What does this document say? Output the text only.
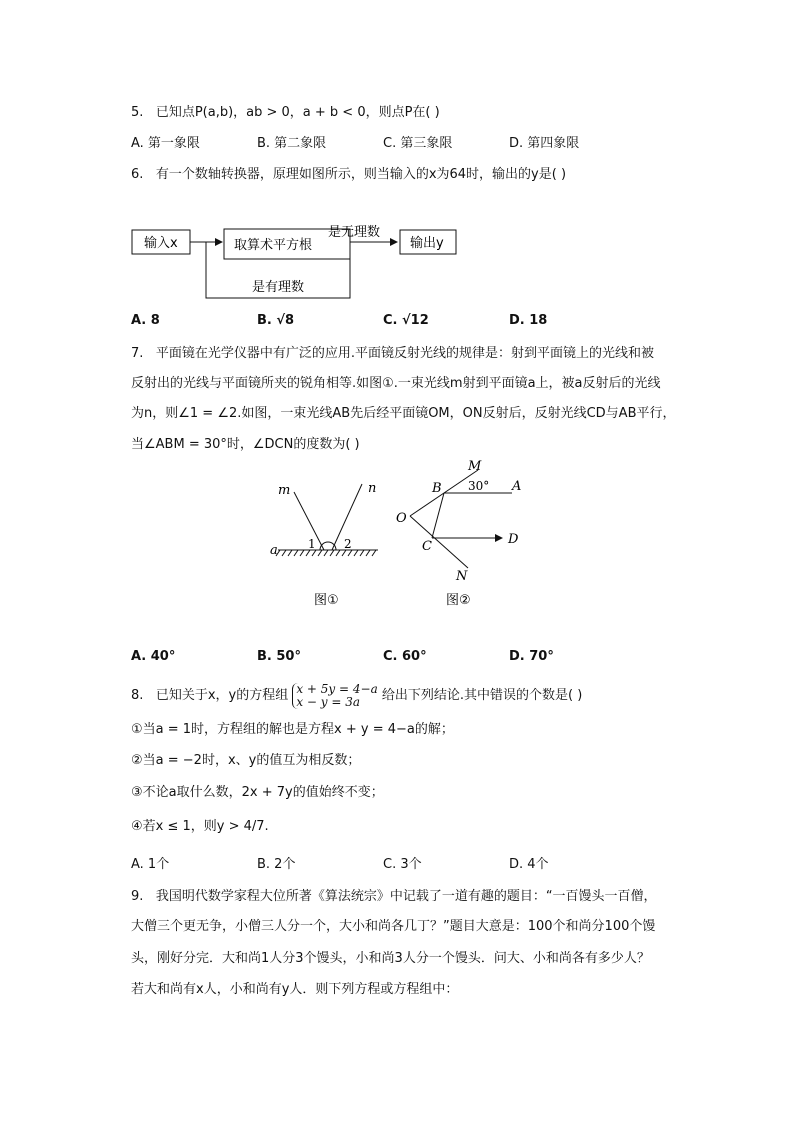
5. 已知点P(a,b)，ab > 0，a + b < 0，则点P在( )
A. 第一象限	B. 第二象限	C. 第三象限	D. 第四象限
6. 有一个数轴转换器，原理如图所示，则当输入的x为64时，输出的y是( )
输入x	取算术平方根
是无理数
输出y
是有理数
A. 8	B. √8	C. √12	D. 18
7. 平面镜在光学仪器中有广泛的应用.平面镜反射光线的规律是：射到平面镜上的光线和被
反射出的光线与平面镜所夹的锐角相等.如图①.一束光线m射到平面镜a上，被a反射后的光线
为n，则∠1 = ∠2.如图，一束光线AB先后经平面镜OM，ON反射后，反射光线CD与AB平行，
当∠ABM = 30°时，∠DCN的度数为( )
m	n
a	1 2
图①
M
B 30° A
O
C	D
N
图②
A. 40°	B. 50°	C. 60°	D. 70°
8. 已知关于x，y的方程组 x + 5y = 4−a
x − y = 3a	给出下列结论.其中错误的个数是( )
①当a = 1时，方程组的解也是方程x + y = 4−a的解；
②当a = −2时，x、y的值互为相反数；
③不论a取什么数，2x + 7y的值始终不变；
④若x ≤ 1，则y > 4/7.
A. 1个	B. 2个	C. 3个	D. 4个
9. 我国明代数学家程大位所著《算法统宗》中记载了一道有趣的题目：“一百馒头一百僧，
大僧三个更无争，小僧三人分一个，大小和尚各几丁？”题目大意是：100个和尚分100个馒
头，刚好分完．大和尚1人分3个馒头，小和尚3人分一个馒头．问大、小和尚各有多少人？
若大和尚有x人，小和尚有y人．则下列方程或方程组中：
